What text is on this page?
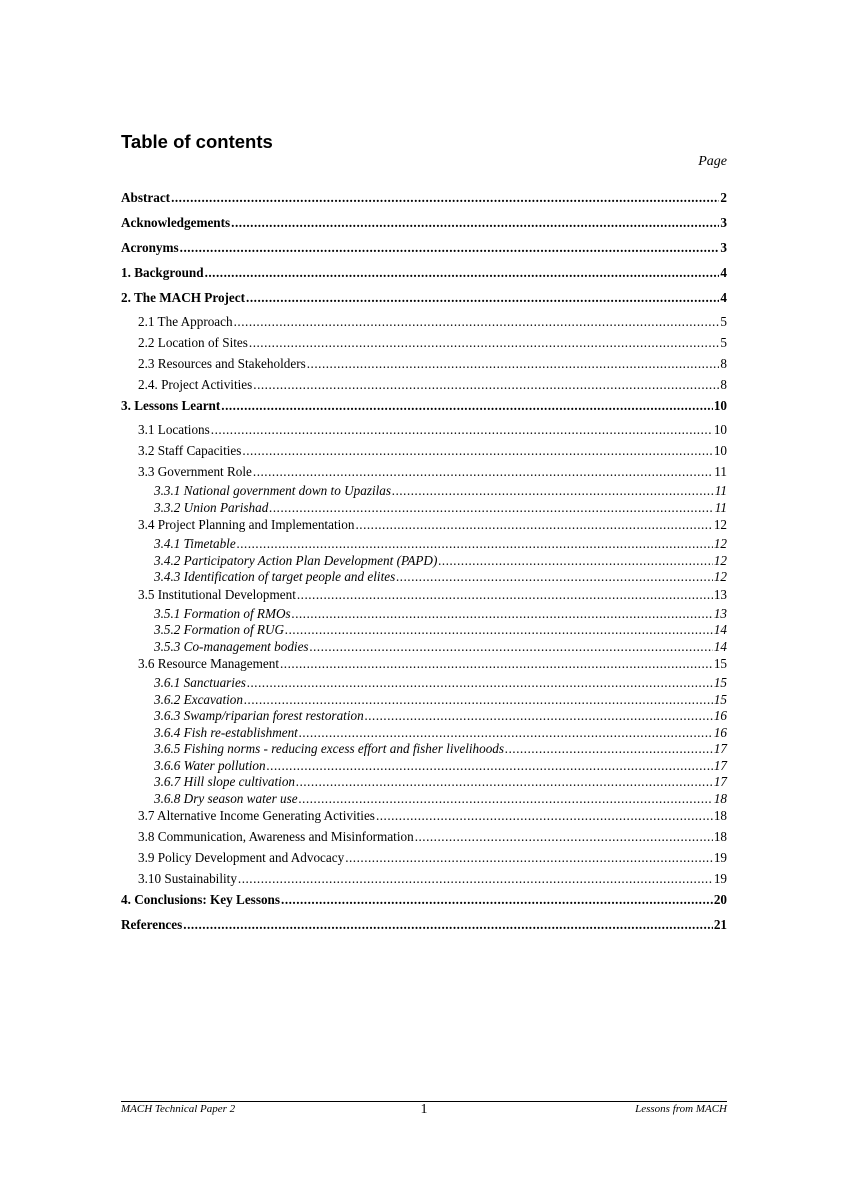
Table of contents
Page
Abstract .....	2
Acknowledgements .....	3
Acronyms .....	3
1. Background .....	4
2. The MACH Project .....	4
2.1 The Approach .....	5
2.2 Location of Sites .....	5
2.3 Resources and Stakeholders .....	8
2.4. Project Activities .....	8
3. Lessons Learnt .....	10
3.1 Locations .....	10
3.2 Staff Capacities .....	10
3.3 Government Role .....	11
3.3.1 National government down to Upazilas .....	11
3.3.2 Union Parishad .....	11
3.4 Project Planning and Implementation .....	12
3.4.1 Timetable .....	12
3.4.2 Participatory Action Plan Development (PAPD) .....	12
3.4.3 Identification of target people and elites .....	12
3.5 Institutional Development .....	13
3.5.1 Formation of RMOs .....	13
3.5.2 Formation of RUG .....	14
3.5.3 Co-management bodies .....	14
3.6 Resource Management .....	15
3.6.1 Sanctuaries .....	15
3.6.2 Excavation .....	15
3.6.3 Swamp/riparian forest restoration .....	16
3.6.4 Fish re-establishment .....	16
3.6.5 Fishing norms - reducing excess effort and fisher livelihoods .....	17
3.6.6 Water pollution .....	17
3.6.7 Hill slope cultivation .....	17
3.6.8 Dry season water use .....	18
3.7 Alternative Income Generating Activities .....	18
3.8 Communication, Awareness and Misinformation .....	18
3.9 Policy Development and Advocacy .....	19
3.10 Sustainability .....	19
4. Conclusions: Key Lessons .....	20
References .....	21
MACH Technical Paper 2	1	Lessons from MACH
